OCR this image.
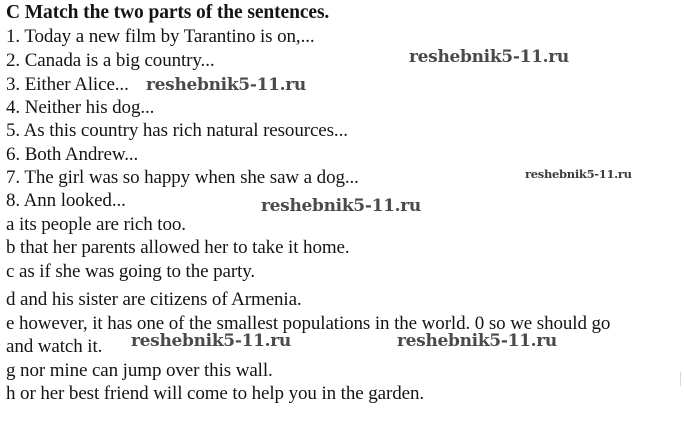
C Match the two parts of the sentences.
1. Today a new film by Tarantino is on,...
2. Canada is a big country...
3. Either Alice...
4. Neither his dog...
5. As this country has rich natural resources...
6. Both Andrew...
7. The girl was so happy when she saw a dog...
8. Ann looked...
a its people are rich too.
b that her parents allowed her to take it home.
c as if she was going to the party.
d and his sister are citizens of Armenia.
e however, it has one of the smallest populations in the world. 0 so we should go
and watch it.
g nor mine can jump over this wall.
h or her best friend will come to help you in the garden.
reshebnik5-11.ru
reshebnik5-11.ru
reshebnik5-11.ru
reshebnik5-11.ru
reshebnik5-11.ru	reshebnik5-11.ru
